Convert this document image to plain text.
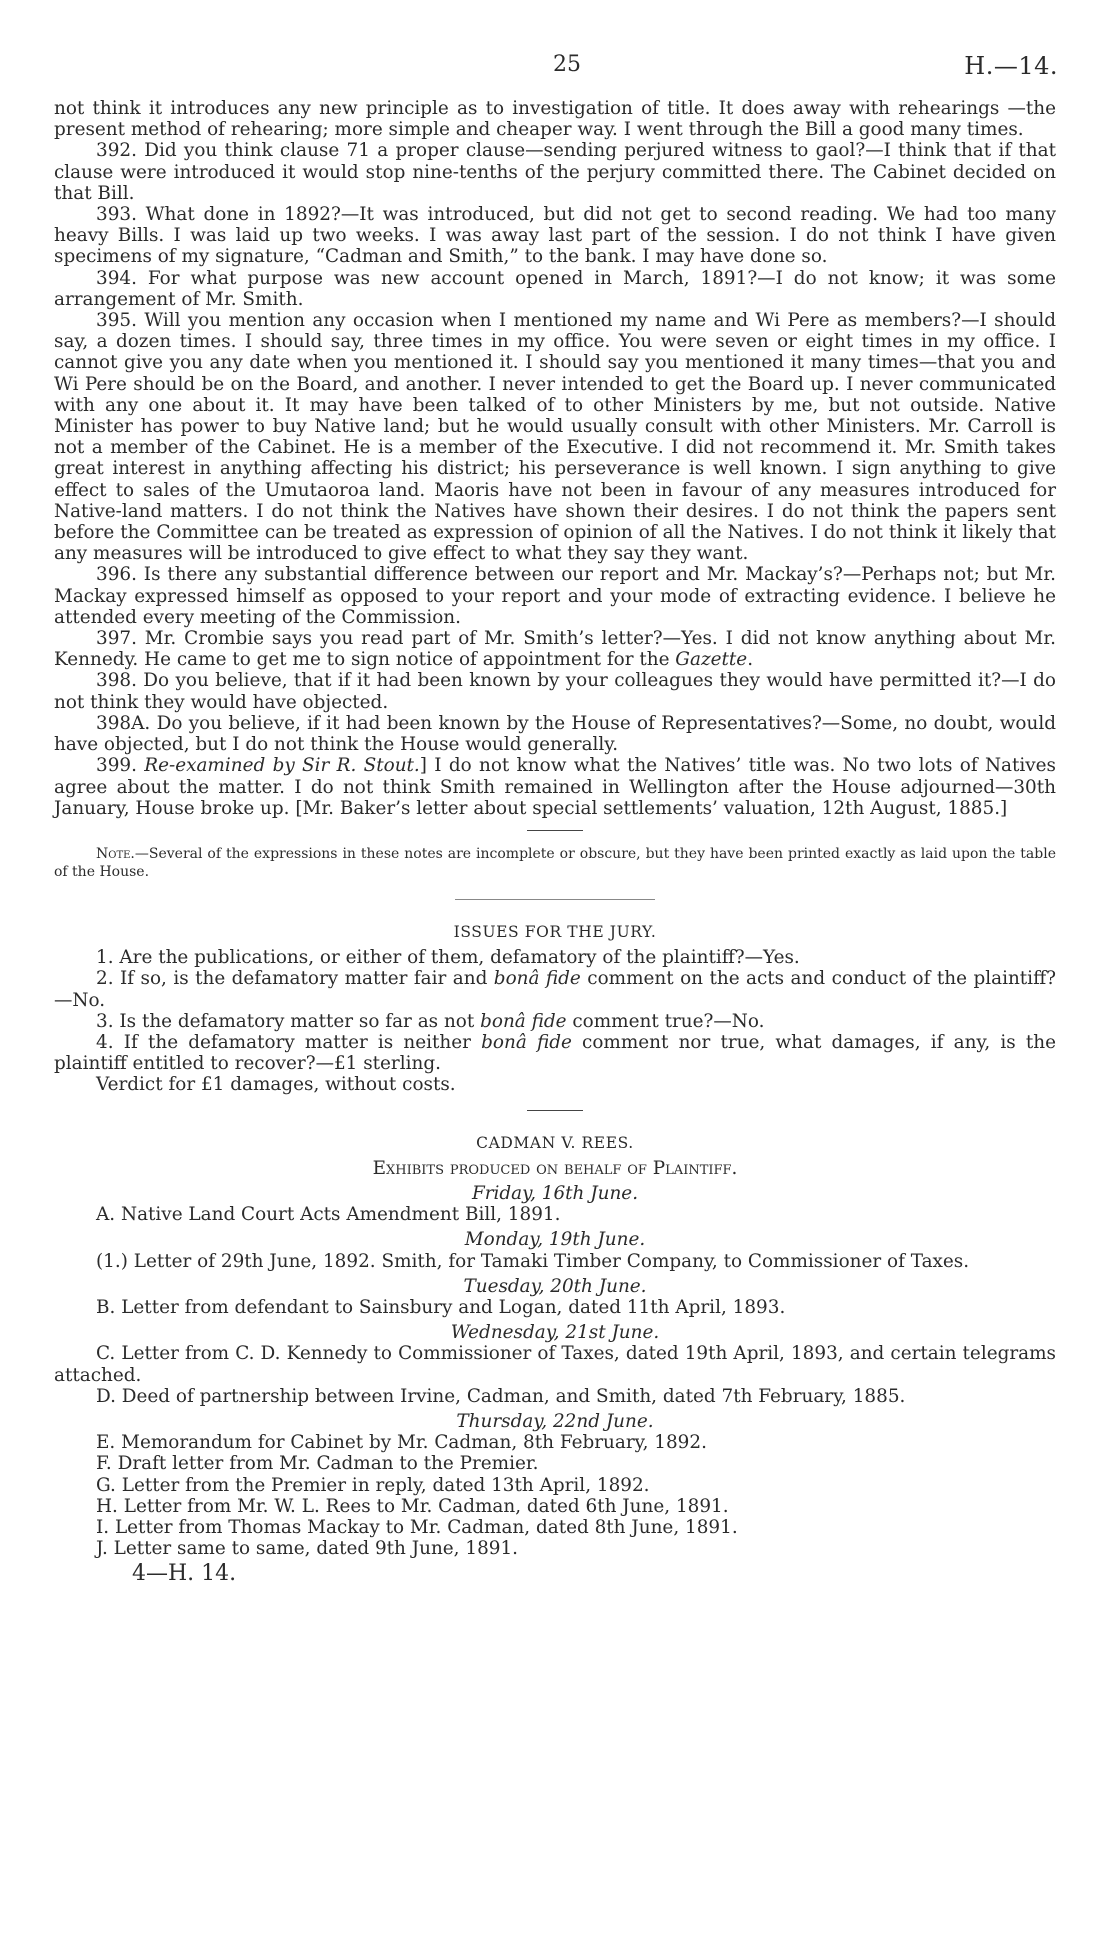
25	H.—14.

not think it introduces any new principle as to investigation of title. It does away with rehearings —the present method of rehearing; more simple and cheaper way. I went through the Bill a good many times.

392. Did you think clause 71 a proper clause—sending perjured witness to gaol?—I think that if that clause were introduced it would stop nine-tenths of the perjury committed there. The Cabinet decided on that Bill.

393. What done in 1892?—It was introduced, but did not get to second reading. We had too many heavy Bills. I was laid up two weeks. I was away last part of the session. I do not think I have given specimens of my signature, “Cadman and Smith,” to the bank. I may have done so.

394. For what purpose was new account opened in March, 1891?—I do not know; it was some arrangement of Mr. Smith.

395. Will you mention any occasion when I mentioned my name and Wi Pere as members?—I should say, a dozen times. I should say, three times in my office. You were seven or eight times in my office. I cannot give you any date when you mentioned it. I should say you mentioned it many times—that you and Wi Pere should be on the Board, and another. I never intended to get the Board up. I never communicated with any one about it. It may have been talked of to other Ministers by me, but not outside. Native Minister has power to buy Native land; but he would usually consult with other Ministers. Mr. Carroll is not a member of the Cabinet. He is a member of the Executive. I did not recommend it. Mr. Smith takes great interest in anything affecting his district; his perseverance is well known. I sign anything to give effect to sales of the Umutaoroa land. Maoris have not been in favour of any measures introduced for Native-land matters. I do not think the Natives have shown their desires. I do not think the papers sent before the Committee can be treated as expression of opinion of all the Natives. I do not think it likely that any measures will be introduced to give effect to what they say they want.

396. Is there any substantial difference between our report and Mr. Mackay’s?—Perhaps not; but Mr. Mackay expressed himself as opposed to your report and your mode of extracting evidence. I believe he attended every meeting of the Commission.

397. Mr. Crombie says you read part of Mr. Smith’s letter?—Yes. I did not know anything about Mr. Kennedy. He came to get me to sign notice of appointment for the Gazette.

398. Do you believe, that if it had been known by your colleagues they would have permitted it?—I do not think they would have objected.

398A. Do you believe, if it had been known by the House of Representatives?—Some, no doubt, would have objected, but I do not think the House would generally.

399. Re-examined by Sir R. Stout.] I do not know what the Natives’ title was. No two lots of Natives agree about the matter. I do not think Smith remained in Wellington after the House adjourned—30th January, House broke up. [Mr. Baker’s letter about special settlements’ valuation, 12th August, 1885.]

Note.—Several of the expressions in these notes are incomplete or obscure, but they have been printed exactly as laid upon the table of the House.

ISSUES FOR THE JURY.

1. Are the publications, or either of them, defamatory of the plaintiff?—Yes.

2. If so, is the defamatory matter fair and bonâ fide comment on the acts and conduct of the plaintiff?—No.

3. Is the defamatory matter so far as not bonâ fide comment true?—No.

4. If the defamatory matter is neither bonâ fide comment nor true, what damages, if any, is the plaintiff entitled to recover?—£1 sterling.

Verdict for £1 damages, without costs.

CADMAN V. REES.

Exhibits produced on behalf of Plaintiff.

Friday, 16th June.

A. Native Land Court Acts Amendment Bill, 1891.

Monday, 19th June.

(1.) Letter of 29th June, 1892. Smith, for Tamaki Timber Company, to Commissioner of Taxes.

Tuesday, 20th June.

B. Letter from defendant to Sainsbury and Logan, dated 11th April, 1893.

Wednesday, 21st June.

C. Letter from C. D. Kennedy to Commissioner of Taxes, dated 19th April, 1893, and certain telegrams attached.

D. Deed of partnership between Irvine, Cadman, and Smith, dated 7th February, 1885.

Thursday, 22nd June.

E. Memorandum for Cabinet by Mr. Cadman, 8th February, 1892.

F. Draft letter from Mr. Cadman to the Premier.

G. Letter from the Premier in reply, dated 13th April, 1892.

H. Letter from Mr. W. L. Rees to Mr. Cadman, dated 6th June, 1891.

I. Letter from Thomas Mackay to Mr. Cadman, dated 8th June, 1891.

J. Letter same to same, dated 9th June, 1891.

4—H. 14.
